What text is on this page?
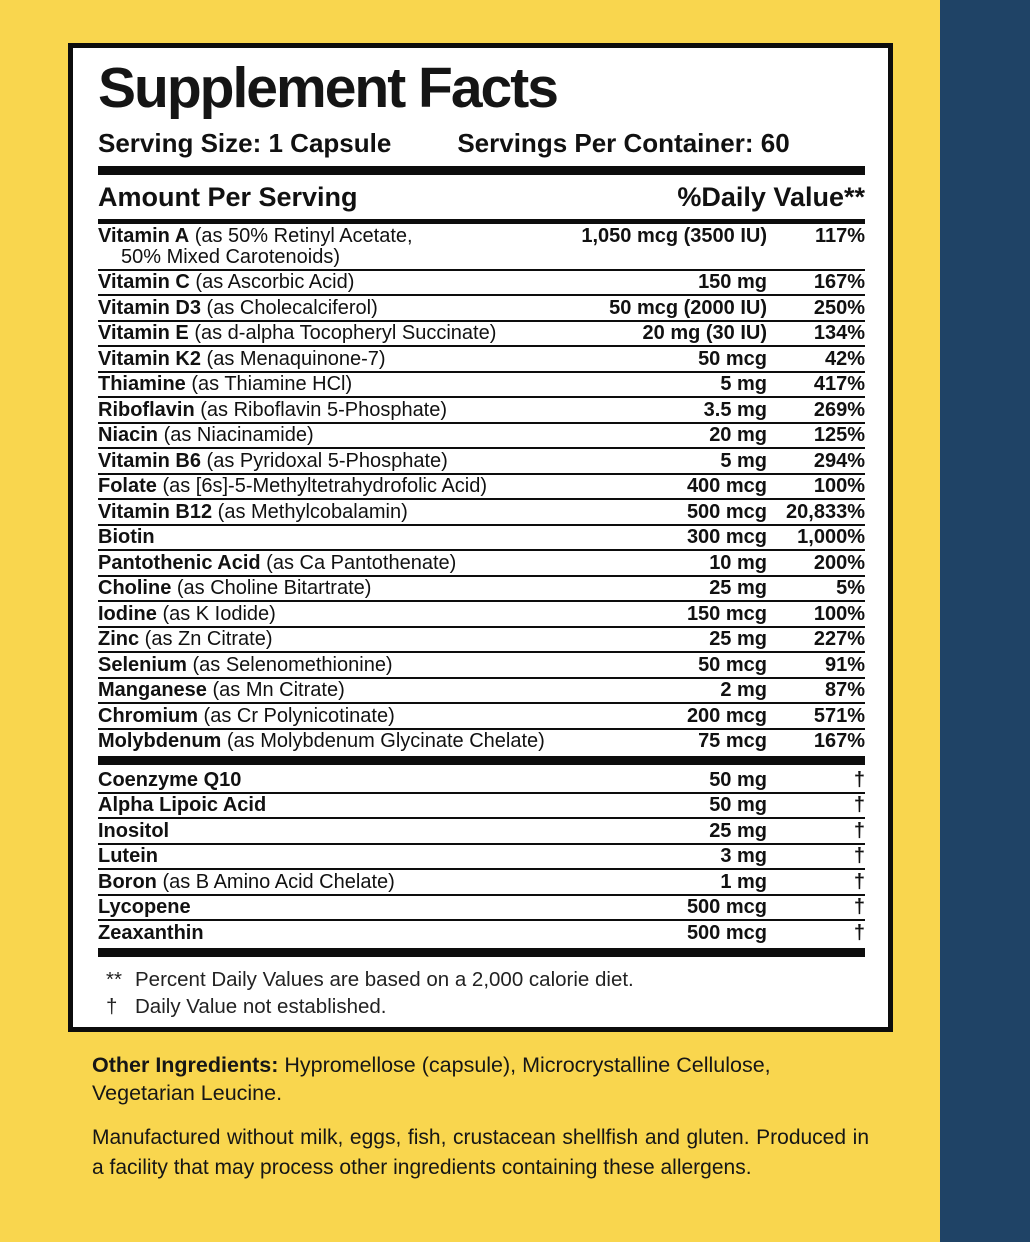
Supplement Facts
Serving Size: 1 Capsule	Servings Per Container: 60
Amount Per Serving	%Daily Value**
Vitamin A (as 50% Retinyl Acetate,
50% Mixed Carotenoids)
1,050 mcg (3500 IU)	117%
Vitamin C (as Ascorbic Acid)	150 mg	167%
Vitamin D3 (as Cholecalciferol)	50 mcg (2000 IU)	250%
Vitamin E (as d-alpha Tocopheryl Succinate)	20 mg (30 IU)	134%
Vitamin K2 (as Menaquinone-7)	50 mcg	42%
Thiamine (as Thiamine HCl)	5 mg	417%
Riboflavin (as Riboflavin 5-Phosphate)	3.5 mg	269%
Niacin (as Niacinamide)	20 mg	125%
Vitamin B6 (as Pyridoxal 5-Phosphate)	5 mg	294%
Folate (as [6s]-5-Methyltetrahydrofolic Acid)	400 mcg	100%
Vitamin B12 (as Methylcobalamin)	500 mcg 20,833%
Biotin	300 mcg	1,000%
Pantothenic Acid (as Ca Pantothenate)	10 mg	200%
Choline (as Choline Bitartrate)	25 mg	5%
Iodine (as K Iodide)	150 mcg	100%
Zinc (as Zn Citrate)	25 mg	227%
Selenium (as Selenomethionine)	50 mcg	91%
Manganese (as Mn Citrate)	2 mg	87%
Chromium (as Cr Polynicotinate)	200 mcg	571%
Molybdenum (as Molybdenum Glycinate Chelate)	75 mcg	167%
Coenzyme Q10	50 mg	†
Alpha Lipoic Acid	50 mg	†
Inositol	25 mg	†
Lutein	3 mg	†
Boron (as B Amino Acid Chelate)	1 mg	†
Lycopene	500 mcg	†
Zeaxanthin	500 mcg	†
** Percent Daily Values are based on a 2,000 calorie diet.
† Daily Value not established.

Other Ingredients: Hypromellose (capsule), Microcrystalline Cellulose, Vegetarian Leucine.

Manufactured without milk, eggs, fish, crustacean shellfish and gluten. Produced in a facility that may process other ingredients containing these allergens.
